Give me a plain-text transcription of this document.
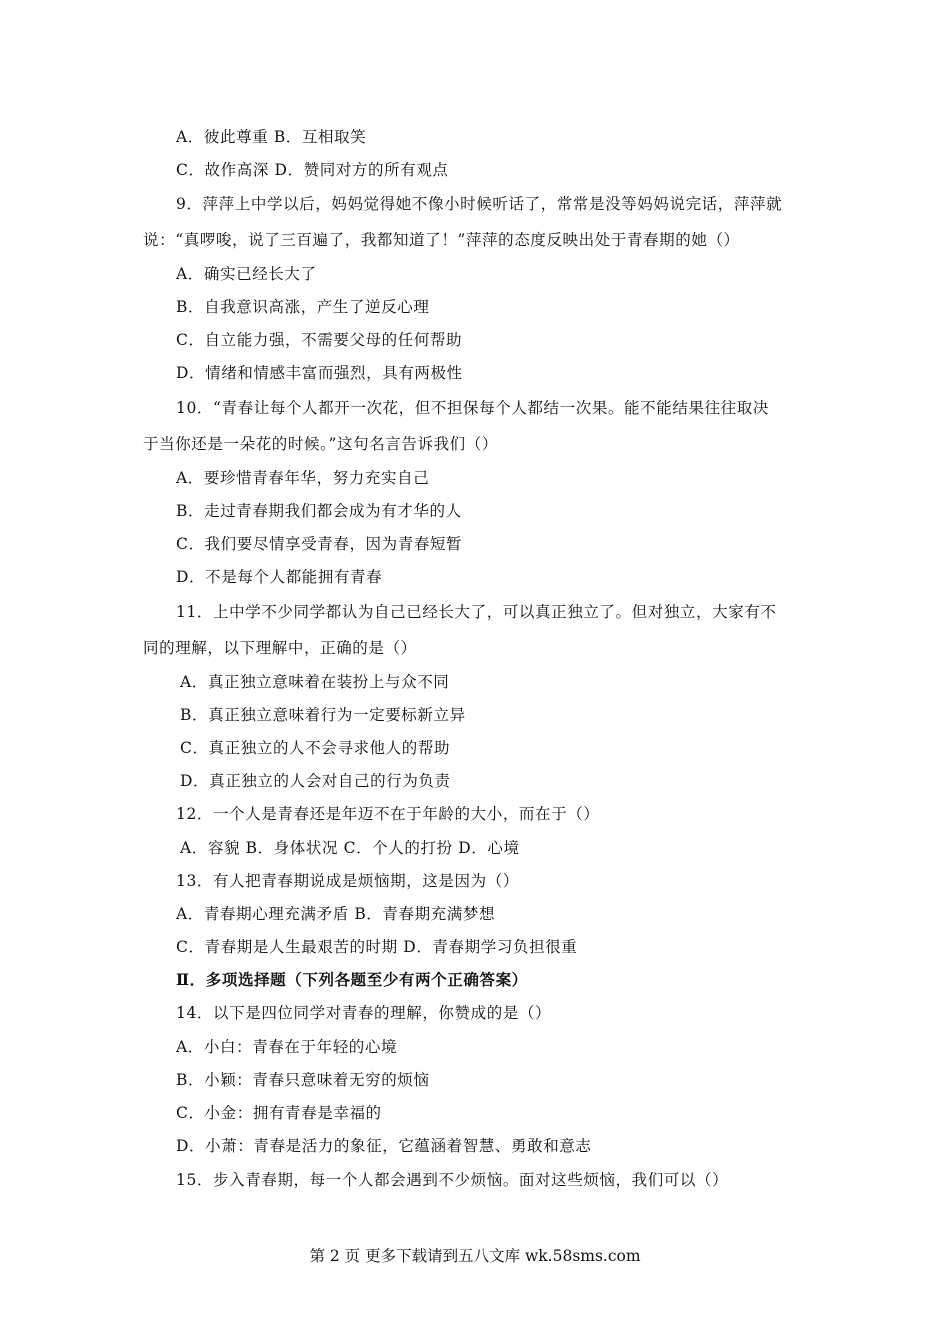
A．彼此尊重 B．互相取笑
C．故作高深 D．赞同对方的所有观点
9．萍萍上中学以后，妈妈觉得她不像小时候听话了，常常是没等妈妈说完话，萍萍就
说：“真啰唆，说了三百遍了，我都知道了！”萍萍的态度反映出处于青春期的她（）
A．确实已经长大了
B．自我意识高涨，产生了逆反心理
C．自立能力强，不需要父母的任何帮助
D．情绪和情感丰富而强烈，具有两极性
10．“青春让每个人都开一次花，但不担保每个人都结一次果。能不能结果往往取决
于当你还是一朵花的时候。”这句名言告诉我们（）
A．要珍惜青春年华，努力充实自己
B．走过青春期我们都会成为有才华的人
C．我们要尽情享受青春，因为青春短暂
D．不是每个人都能拥有青春
11．上中学不少同学都认为自己已经长大了，可以真正独立了。但对独立，大家有不
同的理解，以下理解中，正确的是（）
A．真正独立意味着在装扮上与众不同
B．真正独立意味着行为一定要标新立异
C．真正独立的人不会寻求他人的帮助
D．真正独立的人会对自己的行为负责
12．一个人是青春还是年迈不在于年龄的大小，而在于（）
A．容貌 B．身体状况 C．个人的打扮 D．心境
13．有人把青春期说成是烦恼期，这是因为（）
A．青春期心理充满矛盾 B．青春期充满梦想
C．青春期是人生最艰苦的时期 D．青春期学习负担很重
Ⅱ．多项选择题（下列各题至少有两个正确答案）
14．以下是四位同学对青春的理解，你赞成的是（）
A．小白：青春在于年轻的心境
B．小颖：青春只意味着无穷的烦恼
C．小金：拥有青春是幸福的
D．小萧：青春是活力的象征，它蕴涵着智慧、勇敢和意志
15．步入青春期，每一个人都会遇到不少烦恼。面对这些烦恼，我们可以（）
第 2 页 更多下载请到五八文库 wk.58sms.com
